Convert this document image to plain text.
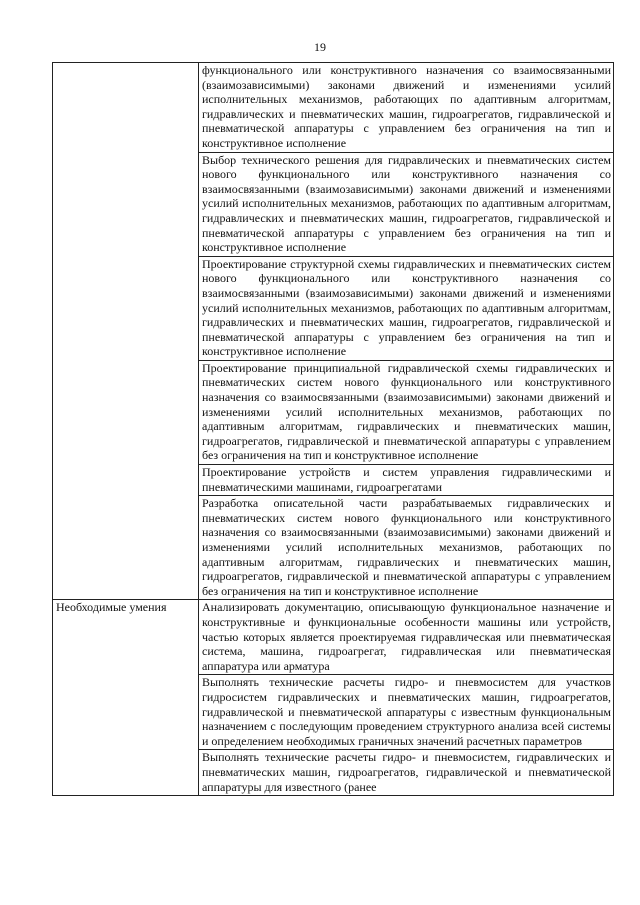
19
	функционального или конструктивного назначения со взаимосвязанными (взаимозависимыми) законами движений и изменениями усилий исполнительных механизмов, работающих по адаптивным алгоритмам, гидравлических и пневматических машин, гидроагрегатов, гидравлической и пневматической аппаратуры с управлением без ограничения на тип и конструктивное исполнение
	Выбор технического решения для гидравлических и пневматических систем нового функционального или конструктивного назначения со взаимосвязанными (взаимозависимыми) законами движений и изменениями усилий исполнительных механизмов, работающих по адаптивным алгоритмам, гидравлических и пневматических машин, гидроагрегатов, гидравлической и пневматической аппаратуры с управлением без ограничения на тип и конструктивное исполнение
	Проектирование структурной схемы гидравлических и пневматических систем нового функционального или конструктивного назначения со взаимосвязанными (взаимозависимыми) законами движений и изменениями усилий исполнительных механизмов, работающих по адаптивным алгоритмам, гидравлических и пневматических машин, гидроагрегатов, гидравлической и пневматической аппаратуры с управлением без ограничения на тип и конструктивное исполнение
	Проектирование принципиальной гидравлической схемы гидравлических и пневматических систем нового функционального или конструктивного назначения со взаимосвязанными (взаимозависимыми) законами движений и изменениями усилий исполнительных механизмов, работающих по адаптивным алгоритмам, гидравлических и пневматических машин, гидроагрегатов, гидравлической и пневматической аппаратуры с управлением без ограничения на тип и конструктивное исполнение
	Проектирование устройств и систем управления гидравлическими и пневматическими машинами, гидроагрегатами
	Разработка описательной части разрабатываемых гидравлических и пневматических систем нового функционального или конструктивного назначения со взаимосвязанными (взаимозависимыми) законами движений и изменениями усилий исполнительных механизмов, работающих по адаптивным алгоритмам, гидравлических и пневматических машин, гидроагрегатов, гидравлической и пневматической аппаратуры с управлением без ограничения на тип и конструктивное исполнение
Необходимые умения	Анализировать документацию, описывающую функциональное назначение и конструктивные и функциональные особенности машины или устройств, частью которых является проектируемая гидравлическая или пневматическая система, машина, гидроагрегат, гидравлическая или пневматическая аппаратура или арматура
	Выполнять технические расчеты гидро- и пневмосистем для участков гидросистем гидравлических и пневматических машин, гидроагрегатов, гидравлической и пневматической аппаратуры с известным функциональным назначением с последующим проведением структурного анализа всей системы и определением необходимых граничных значений расчетных параметров
	Выполнять технические расчеты гидро- и пневмосистем, гидравлических и пневматических машин, гидроагрегатов, гидравлической и пневматической аппаратуры для известного (ранее
